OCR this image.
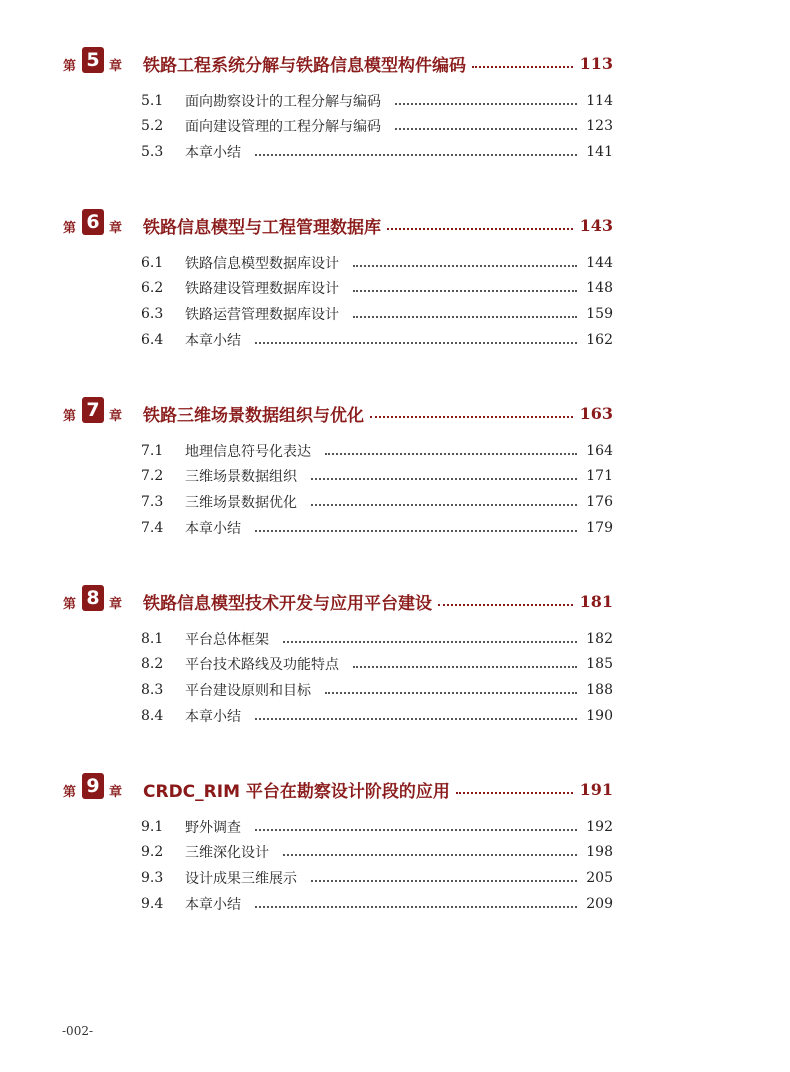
第 5 章 铁路工程系统分解与铁路信息模型构件编码	113
5.1	面向勘察设计的工程分解与编码	114
5.2	面向建设管理的工程分解与编码	123
5.3	本章小结	141
第 6 章 铁路信息模型与工程管理数据库	143
6.1	铁路信息模型数据库设计	144
6.2	铁路建设管理数据库设计	148
6.3	铁路运营管理数据库设计	159
6.4	本章小结	162
第 7 章 铁路三维场景数据组织与优化	163
7.1	地理信息符号化表达	164
7.2	三维场景数据组织	171
7.3	三维场景数据优化	176
7.4	本章小结	179
第 8 章 铁路信息模型技术开发与应用平台建设	181
8.1	平台总体框架	182
8.2	平台技术路线及功能特点	185
8.3	平台建设原则和目标	188
8.4	本章小结	190
第 9 章 CRDC_RIM 平台在勘察设计阶段的应用	191
9.1	野外调查	192
9.2	三维深化设计	198
9.3	设计成果三维展示	205
9.4	本章小结	209
-002-
